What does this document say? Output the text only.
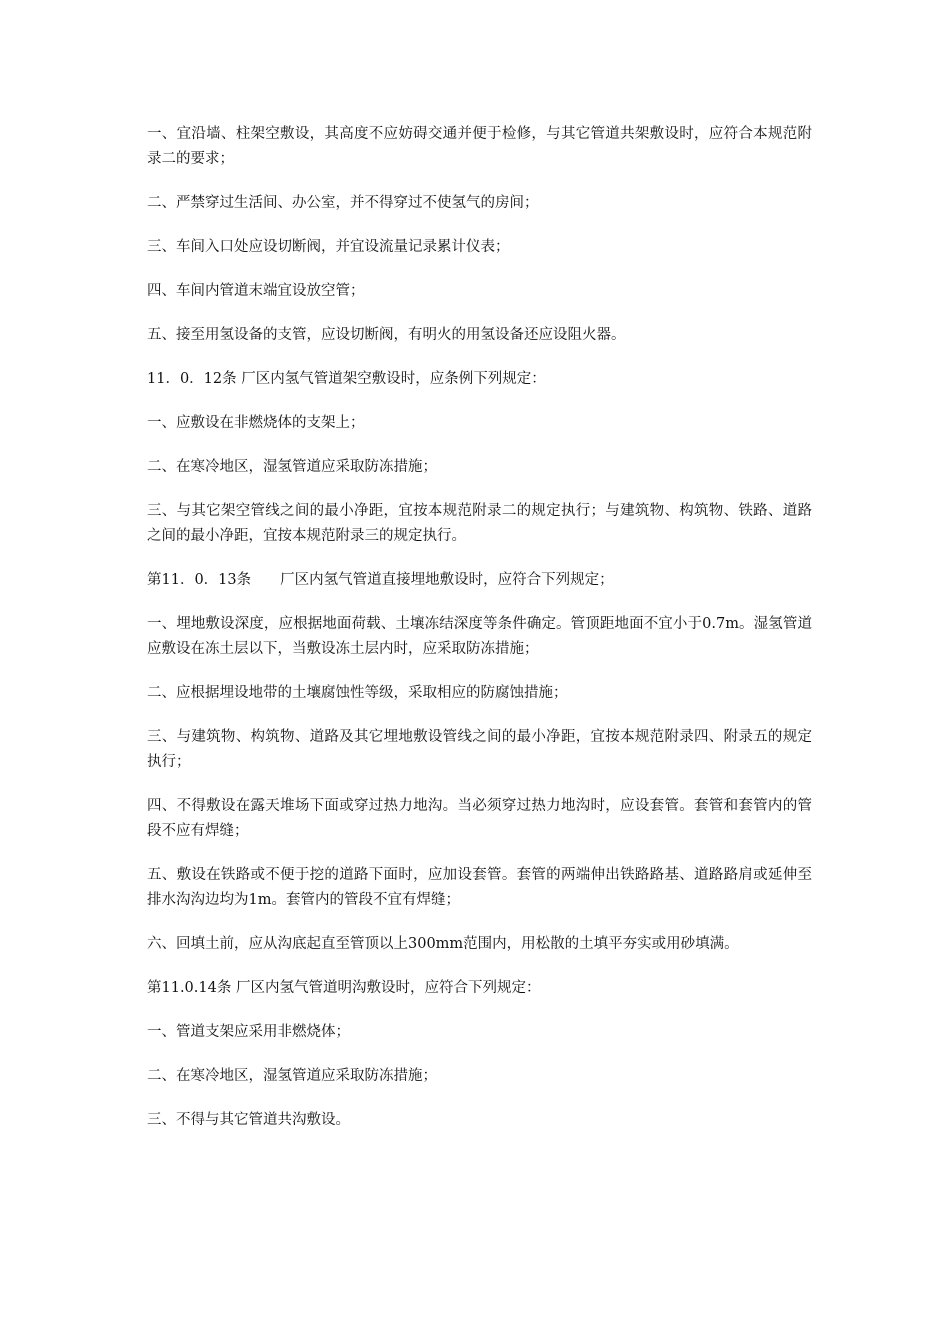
一、宜沿墙、柱架空敷设，其高度不应妨碍交通并便于检修，与其它管道共架敷设时，应符合本规范附录二的要求；

二、严禁穿过生活间、办公室，并不得穿过不使氢气的房间；

三、车间入口处应设切断阀，并宜设流量记录累计仪表；

四、车间内管道末端宜设放空管；

五、接至用氢设备的支管，应设切断阀，有明火的用氢设备还应设阻火器。

11．0．12条 厂区内氢气管道架空敷设时，应条例下列规定：

一、应敷设在非燃烧体的支架上；

二、在寒冷地区，湿氢管道应采取防冻措施；

三、与其它架空管线之间的最小净距，宜按本规范附录二的规定执行；与建筑物、构筑物、铁路、道路之间的最小净距，宜按本规范附录三的规定执行。

第11．0．13条　　厂区内氢气管道直接埋地敷设时，应符合下列规定；

一、埋地敷设深度，应根据地面荷载、土壤冻结深度等条件确定。管顶距地面不宜小于0.7m。湿氢管道应敷设在冻土层以下，当敷设冻土层内时，应采取防冻措施；

二、应根据埋设地带的土壤腐蚀性等级，采取相应的防腐蚀措施；

三、与建筑物、构筑物、道路及其它埋地敷设管线之间的最小净距，宜按本规范附录四、附录五的规定执行；

四、不得敷设在露天堆场下面或穿过热力地沟。当必须穿过热力地沟时，应设套管。套管和套管内的管段不应有焊缝；

五、敷设在铁路或不便于挖的道路下面时，应加设套管。套管的两端伸出铁路路基、道路路肩或延伸至排水沟沟边均为1m。套管内的管段不宜有焊缝；

六、回填土前，应从沟底起直至管顶以上300mm范围内，用松散的土填平夯实或用砂填满。

第11.0.14条 厂区内氢气管道明沟敷设时，应符合下列规定：

一、管道支架应采用非燃烧体；

二、在寒冷地区，湿氢管道应采取防冻措施；

三、不得与其它管道共沟敷设。
